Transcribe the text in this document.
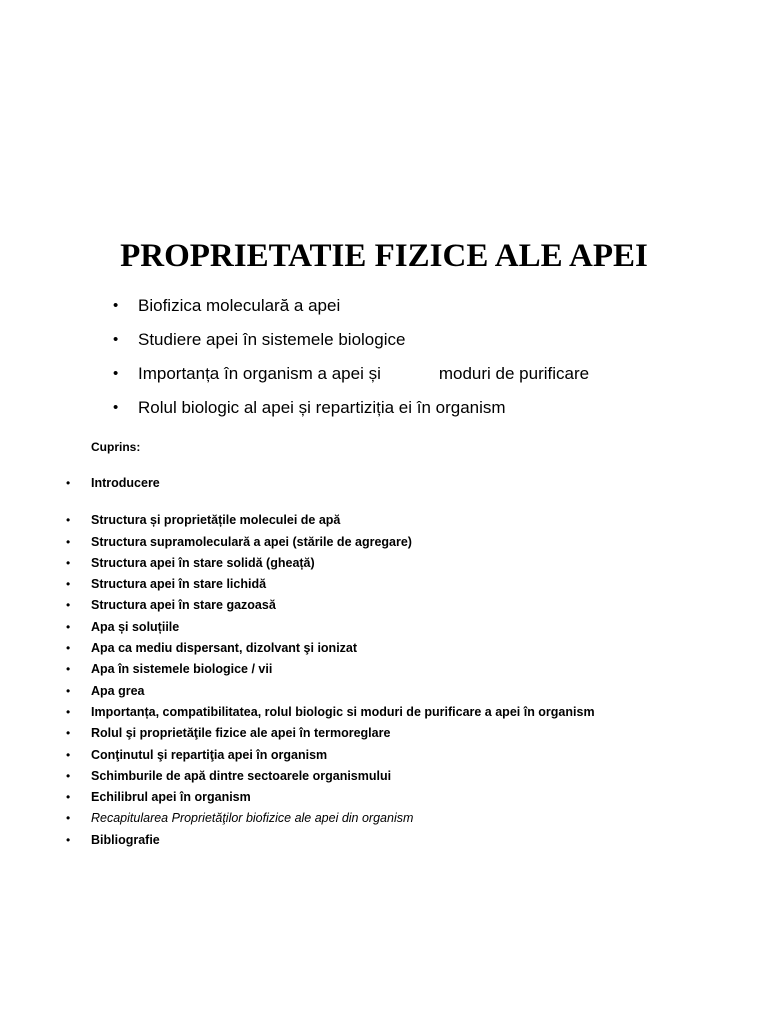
PROPRIETATIE FIZICE ALE APEI
• Biofizica moleculară a apei
• Studiere apei în sistemele biologice
• Importanța în organism a apei și	moduri de purificare
• Rolul biologic al apei și repartiziția ei în organism

Cuprins:

• Introducere
• Structura și proprietățile moleculei de apă
• Structura supramoleculară a apei (stările de agregare)
• Structura apei în stare solidă (gheață)
• Structura apei în stare lichidă
• Structura apei în stare gazoasă
• Apa și soluțiile
• Apa ca mediu dispersant, dizolvant şi ionizat
• Apa în sistemele biologice / vii
• Apa grea
• Importanța, compatibilitatea, rolul biologic si moduri de purificare a apei în organism
• Rolul şi proprietăţile fizice ale apei în termoreglare
• Conţinutul şi repartiţia apei în organism
• Schimburile de apă dintre sectoarele organismului
• Echilibrul apei în organism
• Recapitularea Proprietăţilor biofizice ale apei din organism
• Bibliografie
